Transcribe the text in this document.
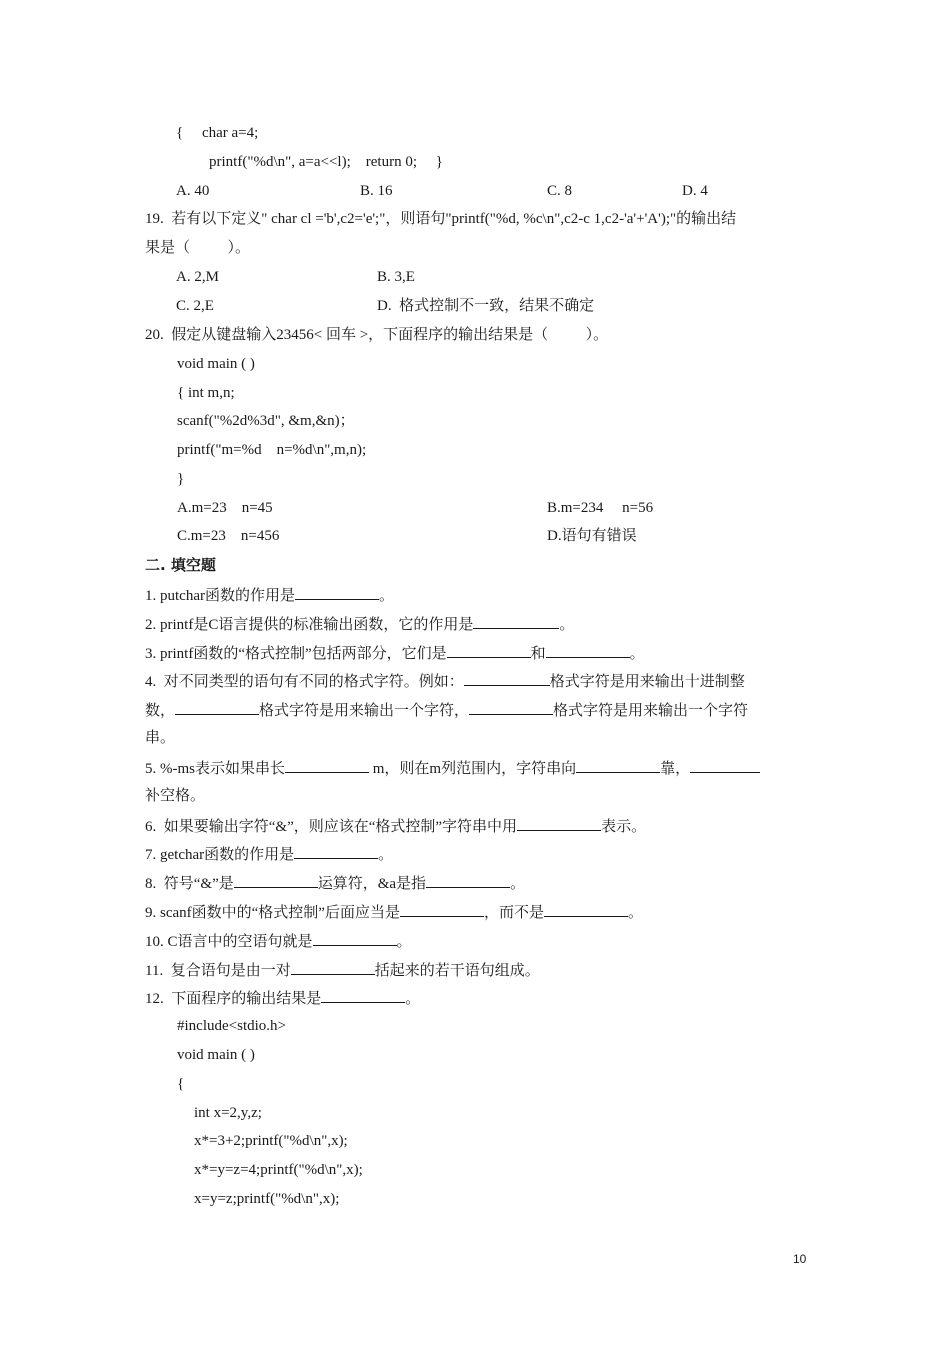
{     char a=4;
printf("%d\n", a=a<<l);    return 0;     }
A. 40	B. 16	C. 8	D. 4
19.  若有以下定义" char cl ='b',c2='e';"，则语句"printf("%d, %c\n",c2-c 1,c2-'a'+'A');"的输出结
果是（          ）。
A. 2,M	B. 3,E
C. 2,E	D.  格式控制不一致，结果不确定
20.  假定从键盘输入23456< 回车 >，下面程序的输出结果是（          ）。
void main ( )
{ int m,n;
scanf("%2d%3d", &m,&n)；
printf("m=%d    n=%d\n",m,n);
}
A.m=23    n=45	B.m=234     n=56
C.m=23    n=456	D.语句有错误
二. 填空题
1. putchar函数的作用是	。
2. printf是C语言提供的标准输出函数，它的作用是	。
3. printf函数的“格式控制”包括两部分，它们是	和	。
4.  对不同类型的语句有不同的格式字符。例如：	格式字符是用来输出十进制整
数，	格式字符是用来输出一个字符，	格式字符是用来输出一个字符
串。
5. %-ms表示如果串长	m，则在m列范围内，字符串向	靠，
补空格。
6.  如果要输出字符“&”，则应该在“格式控制”字符串中用	表示。
7. getchar函数的作用是	。
8.  符号“&”是	运算符，&a是指	。
9. scanf函数中的“格式控制”后面应当是	，而不是	。
10. C语言中的空语句就是	。
11.  复合语句是由一对	括起来的若干语句组成。
12.  下面程序的输出结果是	。
#include<stdio.h>
void main ( )
{
int x=2,y,z;
x*=3+2;printf("%d\n",x);
x*=y=z=4;printf("%d\n",x);
x=y=z;printf("%d\n",x);
10
